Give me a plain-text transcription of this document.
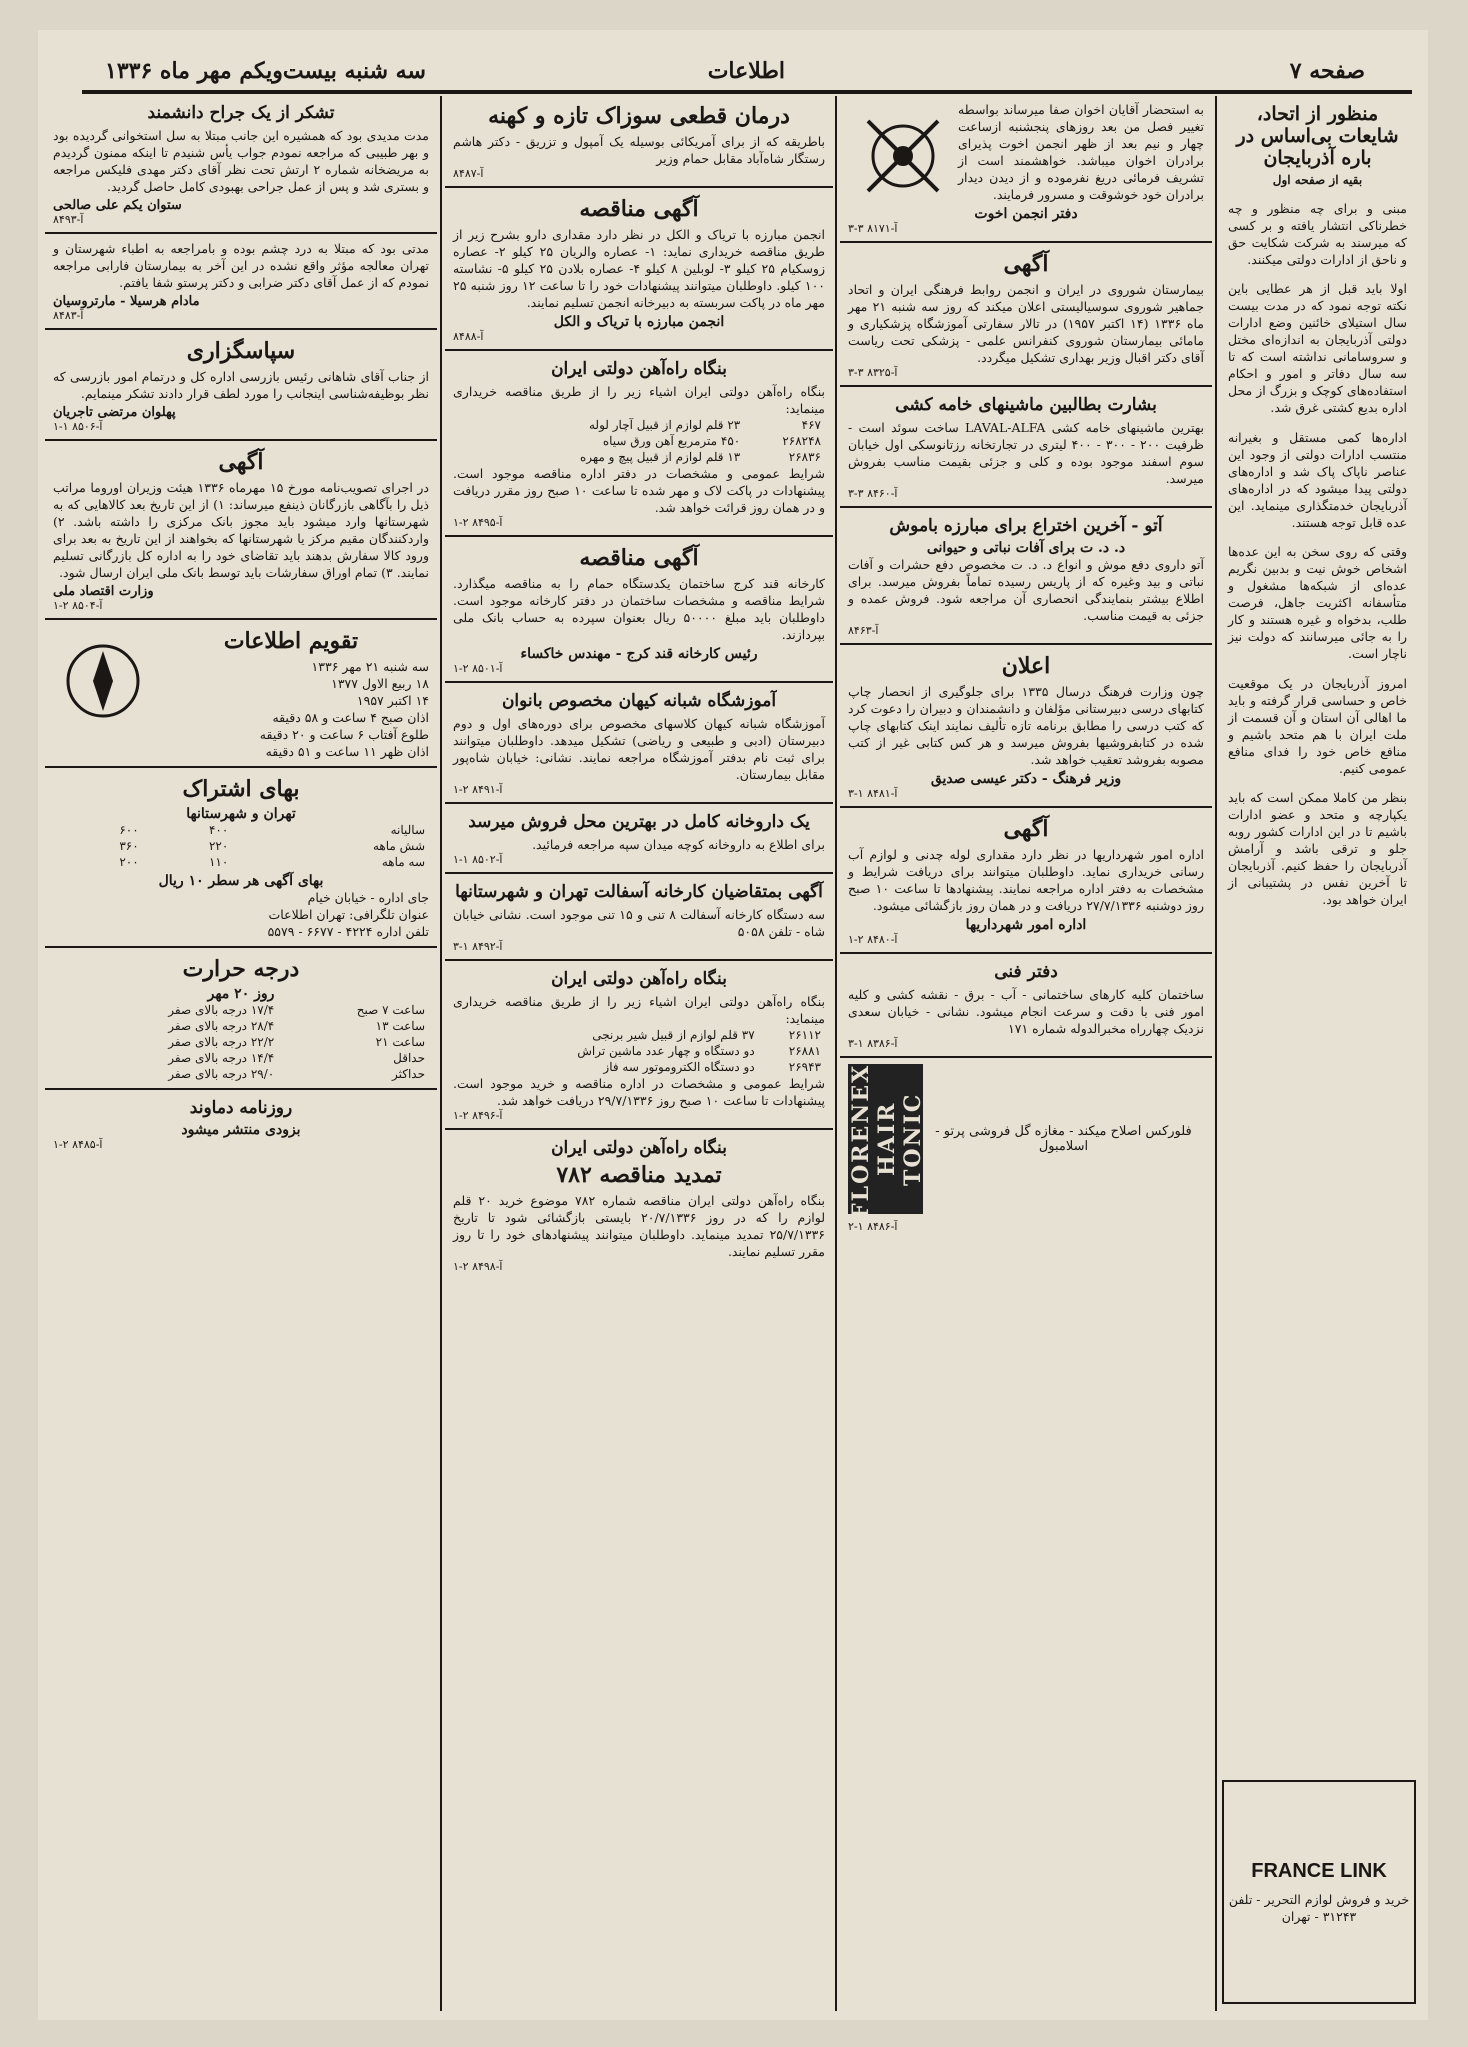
صفحه ۷
اطلاعات
سه شنبه بیست‌ویکم مهر ماه ۱۳۳۶
منظور از اتحاد، شایعات بی‌اساس در باره آذربایجان
بقیه از صفحه اول

مبنی و برای چه منظور و چه خطرناکی انتشار یافته و بر کسی که میرسند به شرکت شکایت حق و ناحق از ادارات دولتی میکنند.

اولا باید قبل از هر عطایی باین نکته توجه نمود که در مدت بیست سال استیلای خائنین وضع ادارات دولتی آذربایجان به اندازه‌ای مختل و سروسامانی نداشته است که تا سه سال دفاتر و امور و احکام استفاده‌های کوچک و بزرگ از محل اداره بدیع کشتی غرق شد.

اداره‌ها کمی مستقل و بغیرانه منتسب ادارات دولتی از وجود این عناصر ناپاک پاک شد و اداره‌های دولتی پیدا میشود که در اداره‌های آذربایجان خدمتگذاری مینماید. این عده قابل توجه هستند.

وقتی که روی سخن به این عده‌ها اشخاص خوش نیت و بدبین نگریم عده‌ای از شبکه‌ها مشغول و متأسفانه اکثریت جاهل، فرصت طلب، بدخواه و غیره هستند و کار را به جائی میرسانند که دولت نیز ناچار است.

امروز آذربایجان در یک موقعیت خاص و حساسی قرار گرفته و باید ما اهالی آن استان و آن قسمت از ملت ایران با هم متحد باشیم و منافع خاص خود را فدای منافع عمومی کنیم.

بنظر من کاملا ممکن است که باید یکپارچه و متحد و عضو ادارات باشیم تا در این ادارات کشور روبه جلو و ترقی باشد و آرامش آذربایجان را حفظ کنیم. آذربایجان تا آخرین نفس در پشتیبانی از ایران خواهد بود.

به استحضار آقایان اخوان صفا میرساند بواسطه تغییر فصل من بعد روزهای پنجشنبه ازساعت چهار و نیم بعد از ظهر انجمن اخوت پذیرای برادران اخوان میباشد. خواهشمند است از تشریف فرمائی دریغ نفرموده و از دیدن دیدار برادران خود خوشوقت و مسرور فرمایند.
دفتر انجمن اخوت
آ-۸۱۷۱ ۳-۳
آگهی
بیمارستان شوروی در ایران و انجمن روابط فرهنگی ایران و اتحاد جماهیر شوروی سوسیالیستی اعلان میکند که روز سه شنبه ۲۱ مهر ماه ۱۳۳۶ (۱۴ اکتبر ۱۹۵۷) در تالار سفارتی آموزشگاه پزشکیاری و مامائی بیمارستان شوروی کنفرانس علمی - پزشکی تحت ریاست آقای دکتر اقبال وزیر بهداری تشکیل میگردد.
آ-۸۳۲۵ ۳-۳
بشارت بطالبین ماشینهای خامه کشی
بهترین ماشینهای خامه کشی LAVAL-ALFA ساخت سوئد است - ظرفیت ۲۰۰ - ۳۰۰ - ۴۰۰ لیتری در تجارتخانه رزتانوسکی اول خیابان سوم اسفند موجود بوده و کلی و جزئی بقیمت مناسب بفروش میرسد.
آ-۸۴۶۰ ۳-۳
آتو - آخرین اختراع برای مبارزه باموش
د. د. ت برای آفات نباتی و حیوانی
آتو داروی دفع موش و انواع د. د. ت مخصوص دفع حشرات و آفات نباتی و بید وغیره که از پاریس رسیده تماماً بفروش میرسد. برای اطلاع بیشتر بنمایندگی انحصاری آن مراجعه شود. فروش عمده و جزئی به قیمت مناسب.
آ-۸۴۶۳
اعلان
چون وزارت فرهنگ درسال ۱۳۳۵ برای جلوگیری از انحصار چاپ کتابهای درسی دبیرستانی مؤلفان و دانشمندان و دبیران را دعوت کرد که کتب درسی را مطابق برنامه تازه تألیف نمایند اینک کتابهای چاپ شده در کتابفروشیها بفروش میرسد و هر کس کتابی غیر از کتب مصوبه بفروشد تعقیب خواهد شد.
وزیر فرهنگ - دکتر عیسی صدیق
آ-۸۴۸۱ ۱-۳
آگهی
اداره امور شهرداریها در نظر دارد مقداری لوله چدنی و لوازم آب رسانی خریداری نماید. داوطلبان میتوانند برای دریافت شرایط و مشخصات به دفتر اداره مراجعه نمایند. پیشنهادها تا ساعت ۱۰ صبح روز دوشنبه ۲۷/۷/۱۳۳۶ دریافت و در همان روز بازگشائی میشود.
اداره امور شهرداریها
آ-۸۴۸۰ ۲-۱
دفتر فنی
ساختمان کلیه کارهای ساختمانی - آب - برق - نقشه کشی و کلیه امور فنی با دقت و سرعت انجام میشود. نشانی - خیابان سعدی نزدیک چهارراه مخبرالدوله شماره ۱۷۱
آ-۸۳۸۶ ۱-۳
فلورکس اصلاح میکند - مغازه گل فروشی پرتو - اسلامبول
FLORENEX HAIR TONIC
آ-۸۴۸۶ ۱-۲
درمان قطعی سوزاک تازه و کهنه
باطریقه که از برای آمریکائی بوسیله یک آمپول و تزریق - دکتر هاشم رستگار شاه‌آباد مقابل حمام وزیر
آ-۸۴۸۷
آگهی مناقصه
انجمن مبارزه با تریاک و الکل در نظر دارد مقداری دارو بشرح زیر از طریق مناقصه خریداری نماید: ۱- عصاره والریان ۲۵ کیلو ۲- عصاره زوسکیام ۲۵ کیلو ۳- لوبلین ۸ کیلو ۴- عصاره بلادن ۲۵ کیلو ۵- نشاسته ۱۰۰ کیلو. داوطلبان میتوانند پیشنهادات خود را تا ساعت ۱۲ روز شنبه ۲۵ مهر ماه در پاکت سربسته به دبیرخانه انجمن تسلیم نمایند.
انجمن مبارزه با تریاک و الکل
آ-۸۴۸۸
بنگاه راه‌آهن دولتی ایران
بنگاه راه‌آهن دولتی ایران اشیاء زیر را از طریق مناقصه خریداری مینماید:
۴۶۷	۲۳ قلم لوازم از قبیل آچار لوله
۲۶۸۲۴۸	۴۵۰ مترمربع آهن ورق سیاه
۲۶۸۳۶	۱۳ قلم لوازم از قبیل پیچ و مهره
شرایط عمومی و مشخصات در دفتر اداره مناقصه موجود است. پیشنهادات در پاکت لاک و مهر شده تا ساعت ۱۰ صبح روز مقرر دریافت و در همان روز قرائت خواهد شد.
آ-۸۴۹۵ ۲-۱
آگهی مناقصه
کارخانه قند کرج ساختمان یکدستگاه حمام را به مناقصه میگذارد. شرایط مناقصه و مشخصات ساختمان در دفتر کارخانه موجود است. داوطلبان باید مبلغ ۵۰۰۰۰ ریال بعنوان سپرده به حساب بانک ملی بپردازند.
رئیس کارخانه قند کرج - مهندس خاکساء
آ-۸۵۰۱ ۲-۱
آموزشگاه شبانه کیهان مخصوص بانوان
آموزشگاه شبانه کیهان کلاسهای مخصوص برای دوره‌های اول و دوم دبیرستان (ادبی و طبیعی و ریاضی) تشکیل میدهد. داوطلبان میتوانند برای ثبت نام بدفتر آموزشگاه مراجعه نمایند. نشانی: خیابان شاه‌پور مقابل بیمارستان.
آ-۸۴۹۱ ۲-۱
یک داروخانه کامل در بهترین محل فروش میرسد
برای اطلاع به داروخانه کوچه میدان سپه مراجعه فرمائید.
آ-۸۵۰۲ ۱-۱
آگهی بمتقاضیان کارخانه آسفالت تهران و شهرستانها
سه دستگاه کارخانه آسفالت ۸ تنی و ۱۵ تنی موجود است. نشانی خیابان شاه - تلفن ۵۰۵۸
آ-۸۴۹۲ ۱-۳
بنگاه راه‌آهن دولتی ایران
بنگاه راه‌آهن دولتی ایران اشیاء زیر را از طریق مناقصه خریداری مینماید:
۲۶۱۱۲	۳۷ قلم لوازم از قبیل شیر برنجی
۲۶۸۸۱	دو دستگاه و چهار عدد ماشین تراش
۲۶۹۴۳	دو دستگاه الکتروموتور سه فاز
شرایط عمومی و مشخصات در اداره مناقصه و خرید موجود است. پیشنهادات تا ساعت ۱۰ صبح روز ۲۹/۷/۱۳۳۶ دریافت خواهد شد.
آ-۸۴۹۶ ۲-۱
بنگاه راه‌آهن دولتی ایران
تمدید مناقصه ۷۸۲
بنگاه راه‌آهن دولتی ایران مناقصه شماره ۷۸۲ موضوع خرید ۲۰ قلم لوازم را که در روز ۲۰/۷/۱۳۳۶ بایستی بازگشائی شود تا تاریخ ۲۵/۷/۱۳۳۶ تمدید مینماید. داوطلبان میتوانند پیشنهادهای خود را تا روز مقرر تسلیم نمایند.
آ-۸۴۹۸ ۲-۱
تشکر از یک جراح دانشمند
مدت مدیدی بود که همشیره این جانب مبتلا به سل استخوانی گردیده بود و بهر طبیبی که مراجعه نمودم جواب یأس شنیدم تا اینکه ممنون گردیدم به مریضخانه شماره ۲ ارتش تحت نظر آقای دکتر مهدی فلیکس مراجعه و بستری شد و پس از عمل جراحی بهبودی کامل حاصل گردید.
ستوان یکم علی صالحی
آ-۸۴۹۳
مدتی بود که مبتلا به درد چشم بوده و بامراجعه به اطباء شهرستان و تهران معالجه مؤثر واقع نشده در این آخر به بیمارستان فارابی مراجعه نمودم که از عمل آقای دکتر ضرابی و دکتر پرستو شفا یافتم.
مادام هرسیلا - مارتروسیان
آ-۸۴۸۳
سپاسگزاری
از جناب آقای شاهانی رئیس بازرسی اداره کل و درتمام امور بازرسی که نظر بوظیفه‌شناسی اینجانب را مورد لطف قرار دادند تشکر مینمایم.
پهلوان مرتضی تاجریان
آ-۸۵۰۶ ۱-۱
آگهی
در اجرای تصویب‌نامه مورخ ۱۵ مهرماه ۱۳۳۶ هیئت وزیران اوروما مراتب ذیل را بآگاهی بازرگانان ذینفع میرساند: ۱) از این تاریخ بعد کالاهایی که به شهرستانها وارد میشود باید مجوز بانک مرکزی را داشته باشد. ۲) واردکنندگان مقیم مرکز یا شهرستانها که بخواهند از این تاریخ به بعد برای ورود کالا سفارش بدهند باید تقاضای خود را به اداره کل بازرگانی تسلیم نمایند. ۳) تمام اوراق سفارشات باید توسط بانک ملی ایران ارسال شود.
وزارت اقتصاد ملی
آ-۸۵۰۴ ۲-۱
تقویم اطلاعات
سه شنبه ۲۱ مهر ۱۳۳۶
۱۸ ربیع الاول ۱۳۷۷
۱۴ اکتبر ۱۹۵۷
اذان صبح ۴ ساعت و ۵۸ دقیقه
طلوع آفتاب ۶ ساعت و ۲۰ دقیقه
اذان ظهر ۱۱ ساعت و ۵۱ دقیقه
بهای اشتراک
تهران و شهرستانها
ساليانه	۴۰۰	۶۰۰
شش ماهه	۲۲۰	۳۶۰
سه ماهه	۱۱۰	۲۰۰
بهای آگهی هر سطر ۱۰ ریال
جای اداره - خیابان خیام
عنوان تلگرافی: تهران اطلاعات
تلفن اداره ۴۲۲۴ - ۶۶۷۷ - ۵۵۷۹
درجه حرارت
روز ۲۰ مهر
ساعت ۷ صبح	۱۷/۴ درجه بالای صفر
ساعت ۱۳	۲۸/۴ درجه بالای صفر
ساعت ۲۱	۲۲/۲ درجه بالای صفر
حداقل	۱۴/۴ درجه بالای صفر
حداکثر	۲۹/۰ درجه بالای صفر
روزنامه دماوند
بزودی منتشر میشود
آ-۸۴۸۵ ۲-۱
FRANCE LINK
خرید و فروش لوازم التحریر - تلفن ۳۱۲۴۳ - تهران
